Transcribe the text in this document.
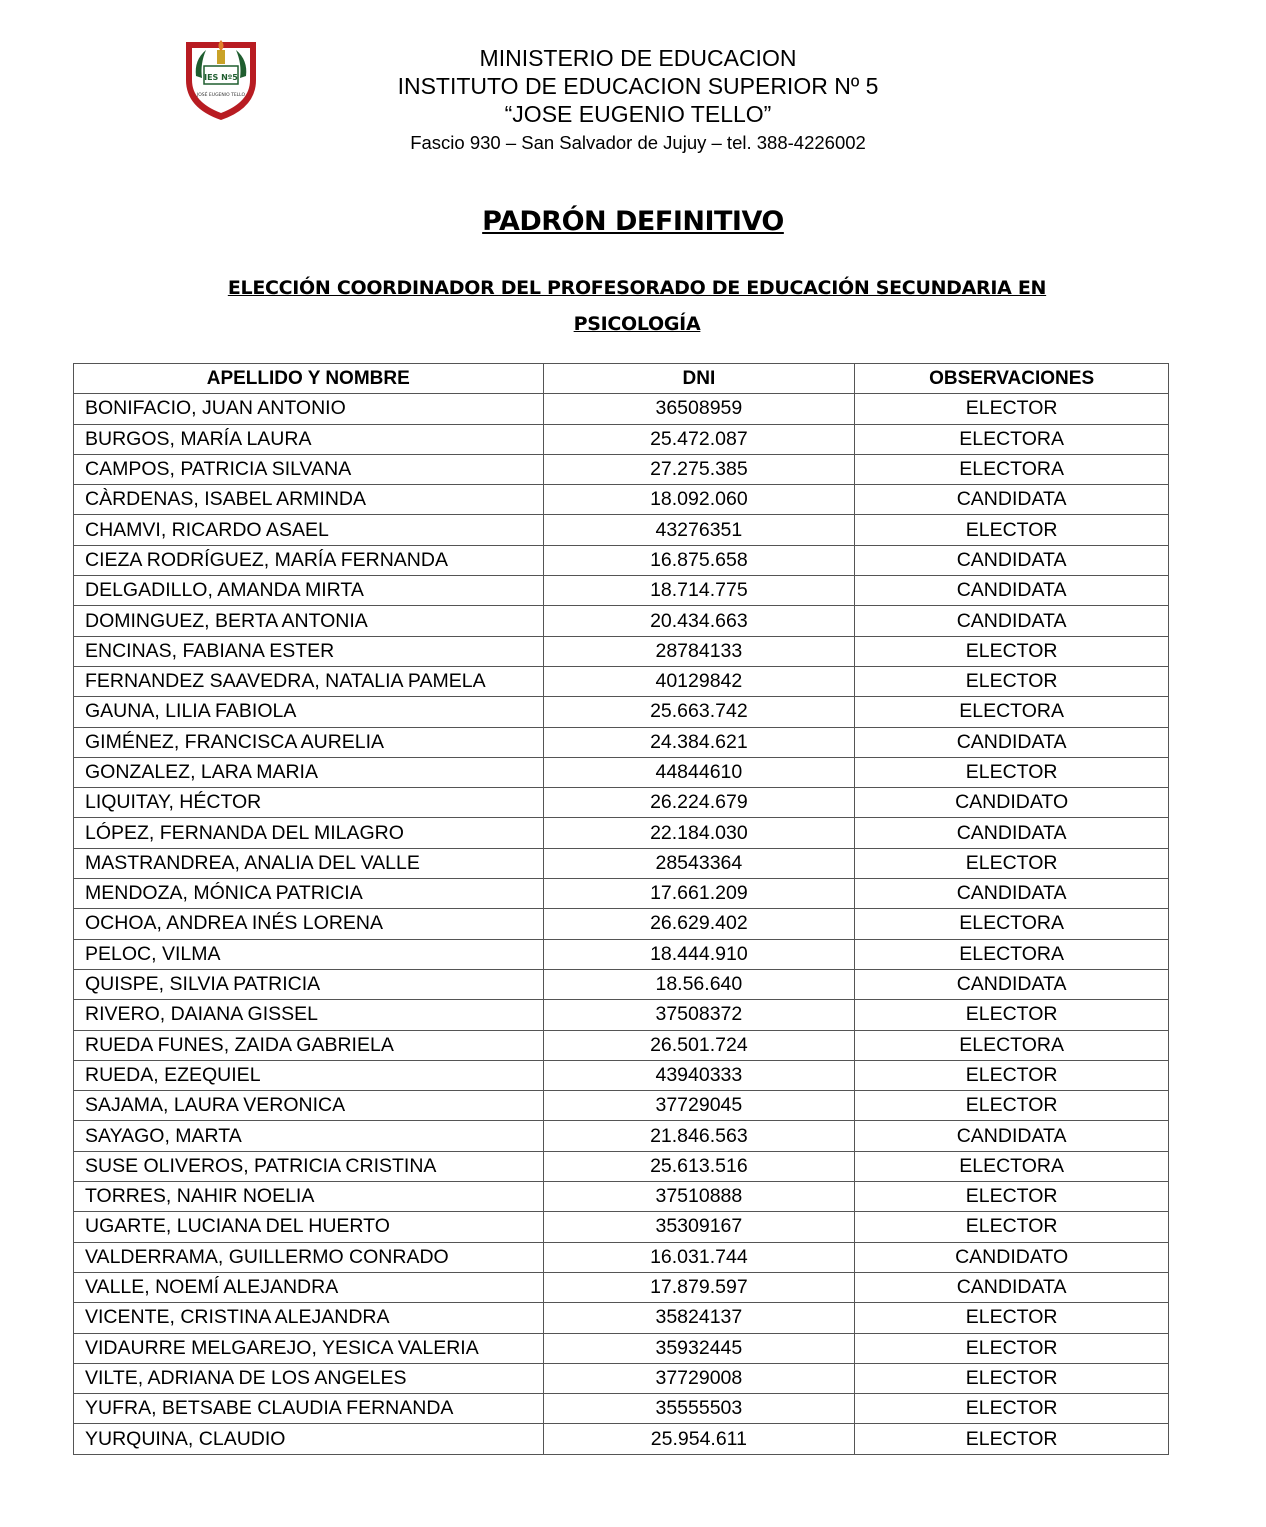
IES Nº5
JOSÉ EUGENIO TELLO
MINISTERIO DE EDUCACION
INSTITUTO DE EDUCACION SUPERIOR Nº 5
“JOSE EUGENIO TELLO”
Fascio 930 – San Salvador de Jujuy – tel. 388-4226002
PADRÓN DEFINITIVO
ELECCIÓN COORDINADOR DEL PROFESORADO DE EDUCACIÓN SECUNDARIA EN
PSICOLOGÍA
APELLIDO Y NOMBRE	DNI	OBSERVACIONES
BONIFACIO, JUAN ANTONIO	36508959	ELECTOR
BURGOS, MARÍA LAURA	25.472.087	ELECTORA
CAMPOS, PATRICIA SILVANA	27.275.385	ELECTORA
CÀRDENAS, ISABEL ARMINDA	18.092.060	CANDIDATA
CHAMVI, RICARDO ASAEL	43276351	ELECTOR
CIEZA RODRÍGUEZ, MARÍA FERNANDA	16.875.658	CANDIDATA
DELGADILLO, AMANDA MIRTA	18.714.775	CANDIDATA
DOMINGUEZ, BERTA ANTONIA	20.434.663	CANDIDATA
ENCINAS, FABIANA ESTER	28784133	ELECTOR
FERNANDEZ SAAVEDRA, NATALIA PAMELA	40129842	ELECTOR
GAUNA, LILIA FABIOLA	25.663.742	ELECTORA
GIMÉNEZ, FRANCISCA AURELIA	24.384.621	CANDIDATA
GONZALEZ, LARA MARIA	44844610	ELECTOR
LIQUITAY, HÉCTOR	26.224.679	CANDIDATO
LÓPEZ, FERNANDA DEL MILAGRO	22.184.030	CANDIDATA
MASTRANDREA, ANALIA DEL VALLE	28543364	ELECTOR
MENDOZA, MÓNICA PATRICIA	17.661.209	CANDIDATA
OCHOA, ANDREA INÉS LORENA	26.629.402	ELECTORA
PELOC, VILMA	18.444.910	ELECTORA
QUISPE, SILVIA PATRICIA	18.56.640	CANDIDATA
RIVERO, DAIANA GISSEL	37508372	ELECTOR
RUEDA FUNES, ZAIDA GABRIELA	26.501.724	ELECTORA
RUEDA, EZEQUIEL	43940333	ELECTOR
SAJAMA, LAURA VERONICA	37729045	ELECTOR
SAYAGO, MARTA	21.846.563	CANDIDATA
SUSE OLIVEROS, PATRICIA CRISTINA	25.613.516	ELECTORA
TORRES, NAHIR NOELIA	37510888	ELECTOR
UGARTE, LUCIANA DEL HUERTO	35309167	ELECTOR
VALDERRAMA, GUILLERMO CONRADO	16.031.744	CANDIDATO
VALLE, NOEMÍ ALEJANDRA	17.879.597	CANDIDATA
VICENTE, CRISTINA ALEJANDRA	35824137	ELECTOR
VIDAURRE MELGAREJO, YESICA VALERIA	35932445	ELECTOR
VILTE, ADRIANA DE LOS ANGELES	37729008	ELECTOR
YUFRA, BETSABE CLAUDIA FERNANDA	35555503	ELECTOR
YURQUINA, CLAUDIO	25.954.611	ELECTOR
